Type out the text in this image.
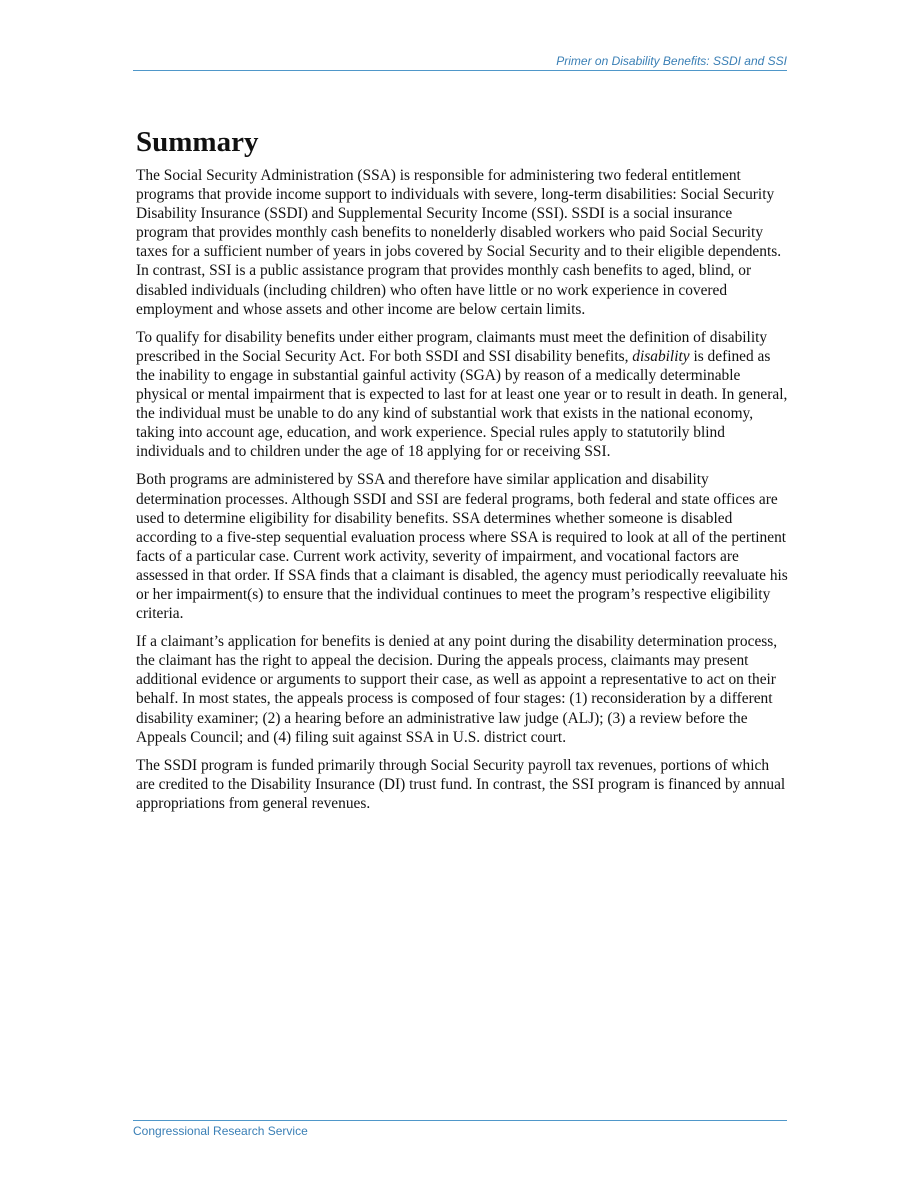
Primer on Disability Benefits: SSDI and SSI
Summary

The Social Security Administration (SSA) is responsible for administering two federal entitlement programs that provide income support to individuals with severe, long-term disabilities: Social Security Disability Insurance (SSDI) and Supplemental Security Income (SSI). SSDI is a social insurance program that provides monthly cash benefits to nonelderly disabled workers who paid Social Security taxes for a sufficient number of years in jobs covered by Social Security and to their eligible dependents. In contrast, SSI is a public assistance program that provides monthly cash benefits to aged, blind, or disabled individuals (including children) who often have little or no work experience in covered employment and whose assets and other income are below certain limits.

To qualify for disability benefits under either program, claimants must meet the definition of disability prescribed in the Social Security Act. For both SSDI and SSI disability benefits, disability is defined as the inability to engage in substantial gainful activity (SGA) by reason of a medically determinable physical or mental impairment that is expected to last for at least one year or to result in death. In general, the individual must be unable to do any kind of substantial work that exists in the national economy, taking into account age, education, and work experience. Special rules apply to statutorily blind individuals and to children under the age of 18 applying for or receiving SSI.

Both programs are administered by SSA and therefore have similar application and disability determination processes. Although SSDI and SSI are federal programs, both federal and state offices are used to determine eligibility for disability benefits. SSA determines whether someone is disabled according to a five-step sequential evaluation process where SSA is required to look at all of the pertinent facts of a particular case. Current work activity, severity of impairment, and vocational factors are assessed in that order. If SSA finds that a claimant is disabled, the agency must periodically reevaluate his or her impairment(s) to ensure that the individual continues to meet the program’s respective eligibility criteria.

If a claimant’s application for benefits is denied at any point during the disability determination process, the claimant has the right to appeal the decision. During the appeals process, claimants may present additional evidence or arguments to support their case, as well as appoint a representative to act on their behalf. In most states, the appeals process is composed of four stages: (1) reconsideration by a different disability examiner; (2) a hearing before an administrative law judge (ALJ); (3) a review before the Appeals Council; and (4) filing suit against SSA in U.S. district court.

The SSDI program is funded primarily through Social Security payroll tax revenues, portions of which are credited to the Disability Insurance (DI) trust fund. In contrast, the SSI program is financed by annual appropriations from general revenues.

Congressional Research Service
